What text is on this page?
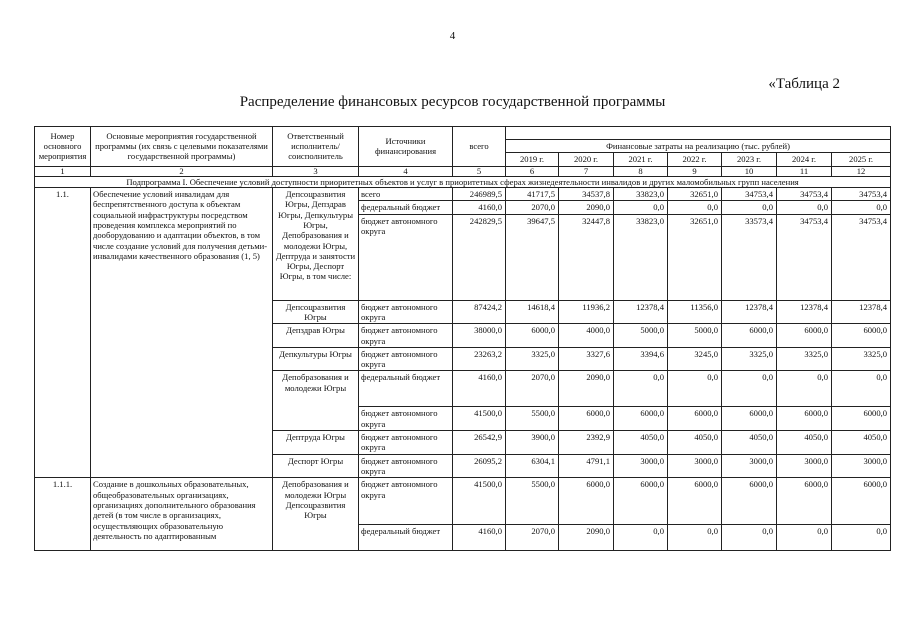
4
«Таблица 2
Распределение финансовых ресурсов государственной программы
Номер основного мероприятия	Основные мероприятия государственной программы (их связь с целевыми показателями государственной программы)	Ответственный исполнитель/соисполнитель	Источники финансирования	всего							
					Финансовые затраты на реализацию (тыс. рублей)						
					2019 г.	2020 г.	2021 г.	2022 г.	2023 г.	2024 г.	2025 г.
1	2	3	4	5	6	7	8	9	10	11	12
Подпрограмма I. Обеспечение условий доступности приоритетных объектов и услуг в приоритетных сферах жизнедеятельности инвалидов и других маломобильных групп населения											
1.1.	Обеспечение условий инвалидам для беспрепятственного доступа к объектам социальной инфраструктуры посредством проведения комплекса мероприятий по дооборудованию и адаптации объектов, в том числе создание условий для получения детьми-инвалидами качественного образования (1, 5)	Депсоцразвития Югры, Депздрав Югры, Депкультуры Югры, Депобразования и молодежи Югры, Дептруда и занятости Югры, Деспорт Югры, в том числе:	всего	246989,5	41717,5	34537,8	33823,0	32651,0	34753,4	34753,4	34753,4
			федеральный бюджет	4160,0	2070,0	2090,0	0,0	0,0	0,0	0,0	0,0
			бюджет автономного округа	242829,5	39647,5	32447,8	33823,0	32651,0	33573,4	34753,4	34753,4
		Депсоцразвития Югры	бюджет автономного округа	87424,2	14618,4	11936,2	12378,4	11356,0	12378,4	12378,4	12378,4
		Депздрав Югры	бюджет автономного округа	38000,0	6000,0	4000,0	5000,0	5000,0	6000,0	6000,0	6000,0
		Депкультуры Югры	бюджет автономного округа	23263,2	3325,0	3327,6	3394,6	3245,0	3325,0	3325,0	3325,0
		Депобразования и молодежи Югры	федеральный бюджет	4160,0	2070,0	2090,0	0,0	0,0	0,0	0,0	0,0
			бюджет автономного округа	41500,0	5500,0	6000,0	6000,0	6000,0	6000,0	6000,0	6000,0
		Дептруда Югры	бюджет автономного округа	26542,9	3900,0	2392,9	4050,0	4050,0	4050,0	4050,0	4050,0
		Деспорт Югры	бюджет автономного округа	26095,2	6304,1	4791,1	3000,0	3000,0	3000,0	3000,0	3000,0
1.1.1.	Создание в дошкольных образовательных, общеобразовательных организациях, организациях дополнительного образования детей (в том числе в организациях, осуществляющих образовательную деятельность по адаптированным	Депобразования и молодежи Югры Депсоцразвития Югры	бюджет автономного округа	41500,0	5500,0	6000,0	6000,0	6000,0	6000,0	6000,0	6000,0
			федеральный бюджет	4160,0	2070,0	2090,0	0,0	0,0	0,0	0,0	0,0
